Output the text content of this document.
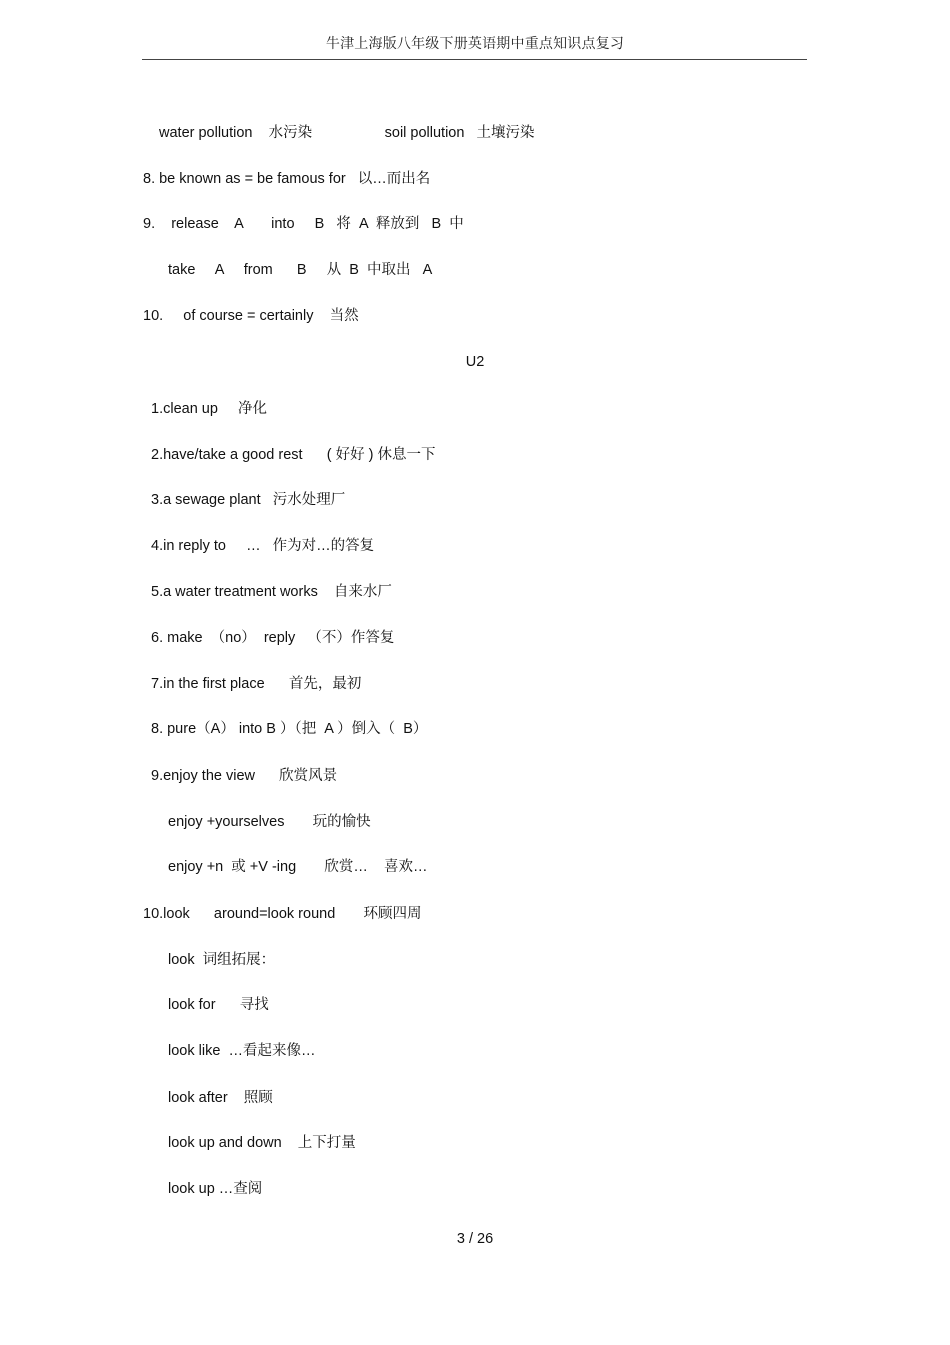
牛津上海版八年级下册英语期中重点知识点复习
water pollution    水污染                  soil pollution   土壤污染
8. be known as = be famous for   以…而出名
9.    release    A       into     B   将  A  释放到   B  中
take     A     from      B     从  B  中取出   A
10.     of course = certainly    当然
U2
1.clean up     净化
2.have/take a good rest      ( 好好 ) 休息一下
3.a sewage plant   污水处理厂
4.in reply to     …   作为对…的答复
5.a water treatment works    自来水厂
6. make  （no）  reply   （不）作答复
7.in the first place      首先，最初
8. pure（A） into B ）（把  A ）倒入（  B）
9.enjoy the view      欣赏风景
enjoy +yourselves       玩的愉快
enjoy +n  或 +V -ing       欣赏…    喜欢…
10.look      around=look round       环顾四周
look  词组拓展：
look for      寻找
look like  …看起来像…
look after    照顾
look up and down    上下打量
look up …查阅
3 / 26
